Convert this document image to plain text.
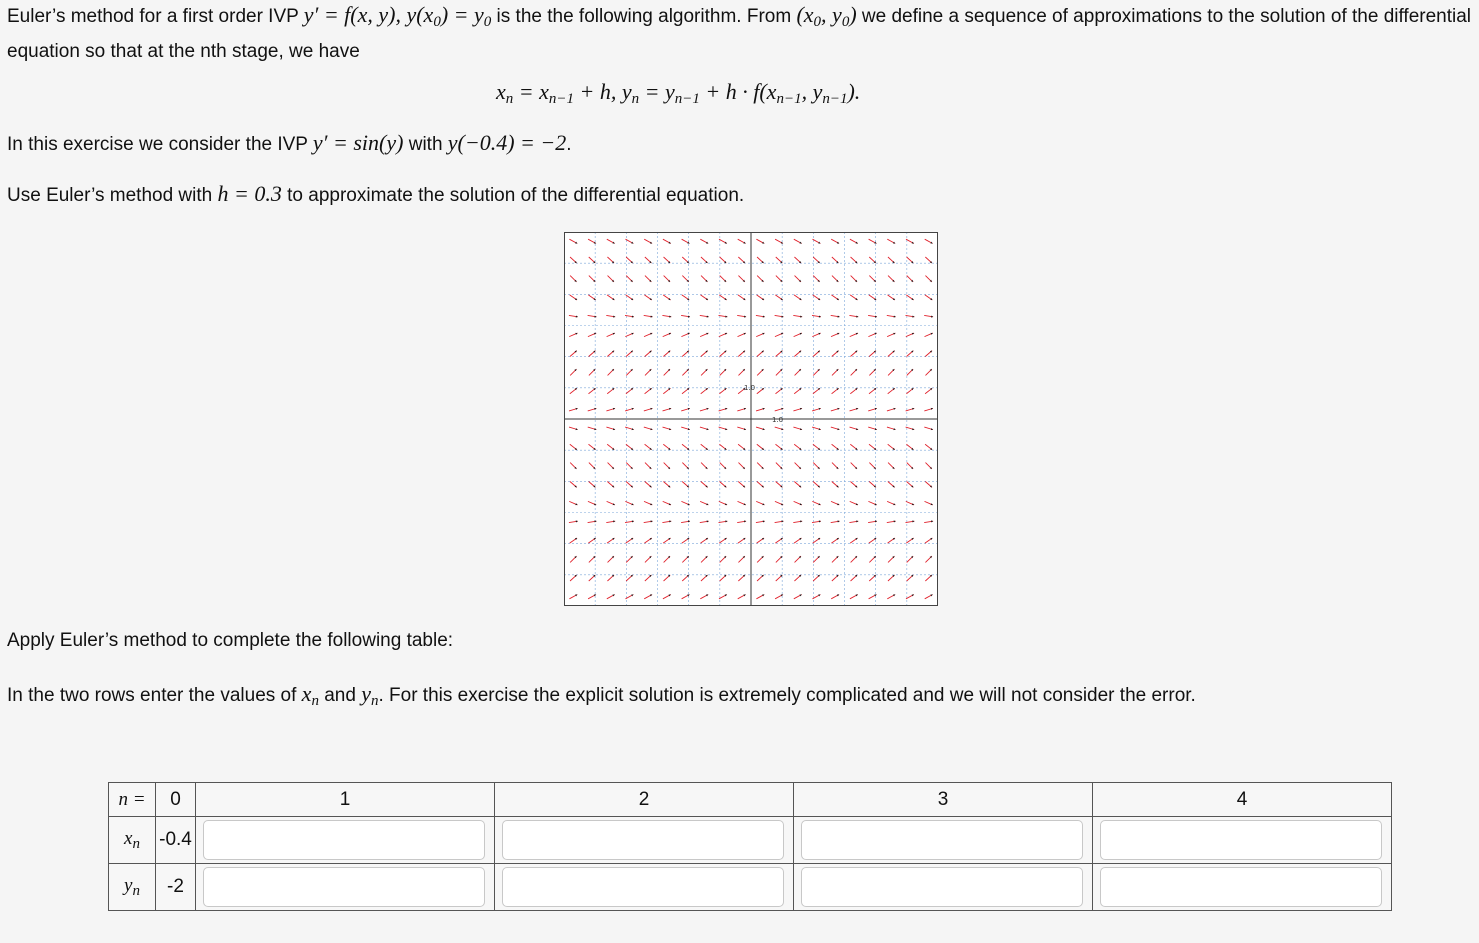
Euler’s method for a first order IVP y′ = f(x, y), $y(x_0) = y_0$ is the the following algorithm. From ($x_0$, $y_0$) we define a sequence of approximations to the solution of the differential equation so that at the nth stage, we have
xn = xn−1 + h, yn = yn−1 + h · f(xn−1, yn−1).
In this exercise we consider the IVP y′ = sin(y) with y(−0.4) = −2.
Use Euler’s method with h = 0.3 to approximate the solution of the differential equation.
1.0
1.0
Apply Euler’s method to complete the following table:
In the two rows enter the values of xn and yn. For this exercise the explicit solution is extremely complicated and we will not consider the error.
n =	0	1	2	3	4
$x_n$	-0.4	

$y_n$	-2	
